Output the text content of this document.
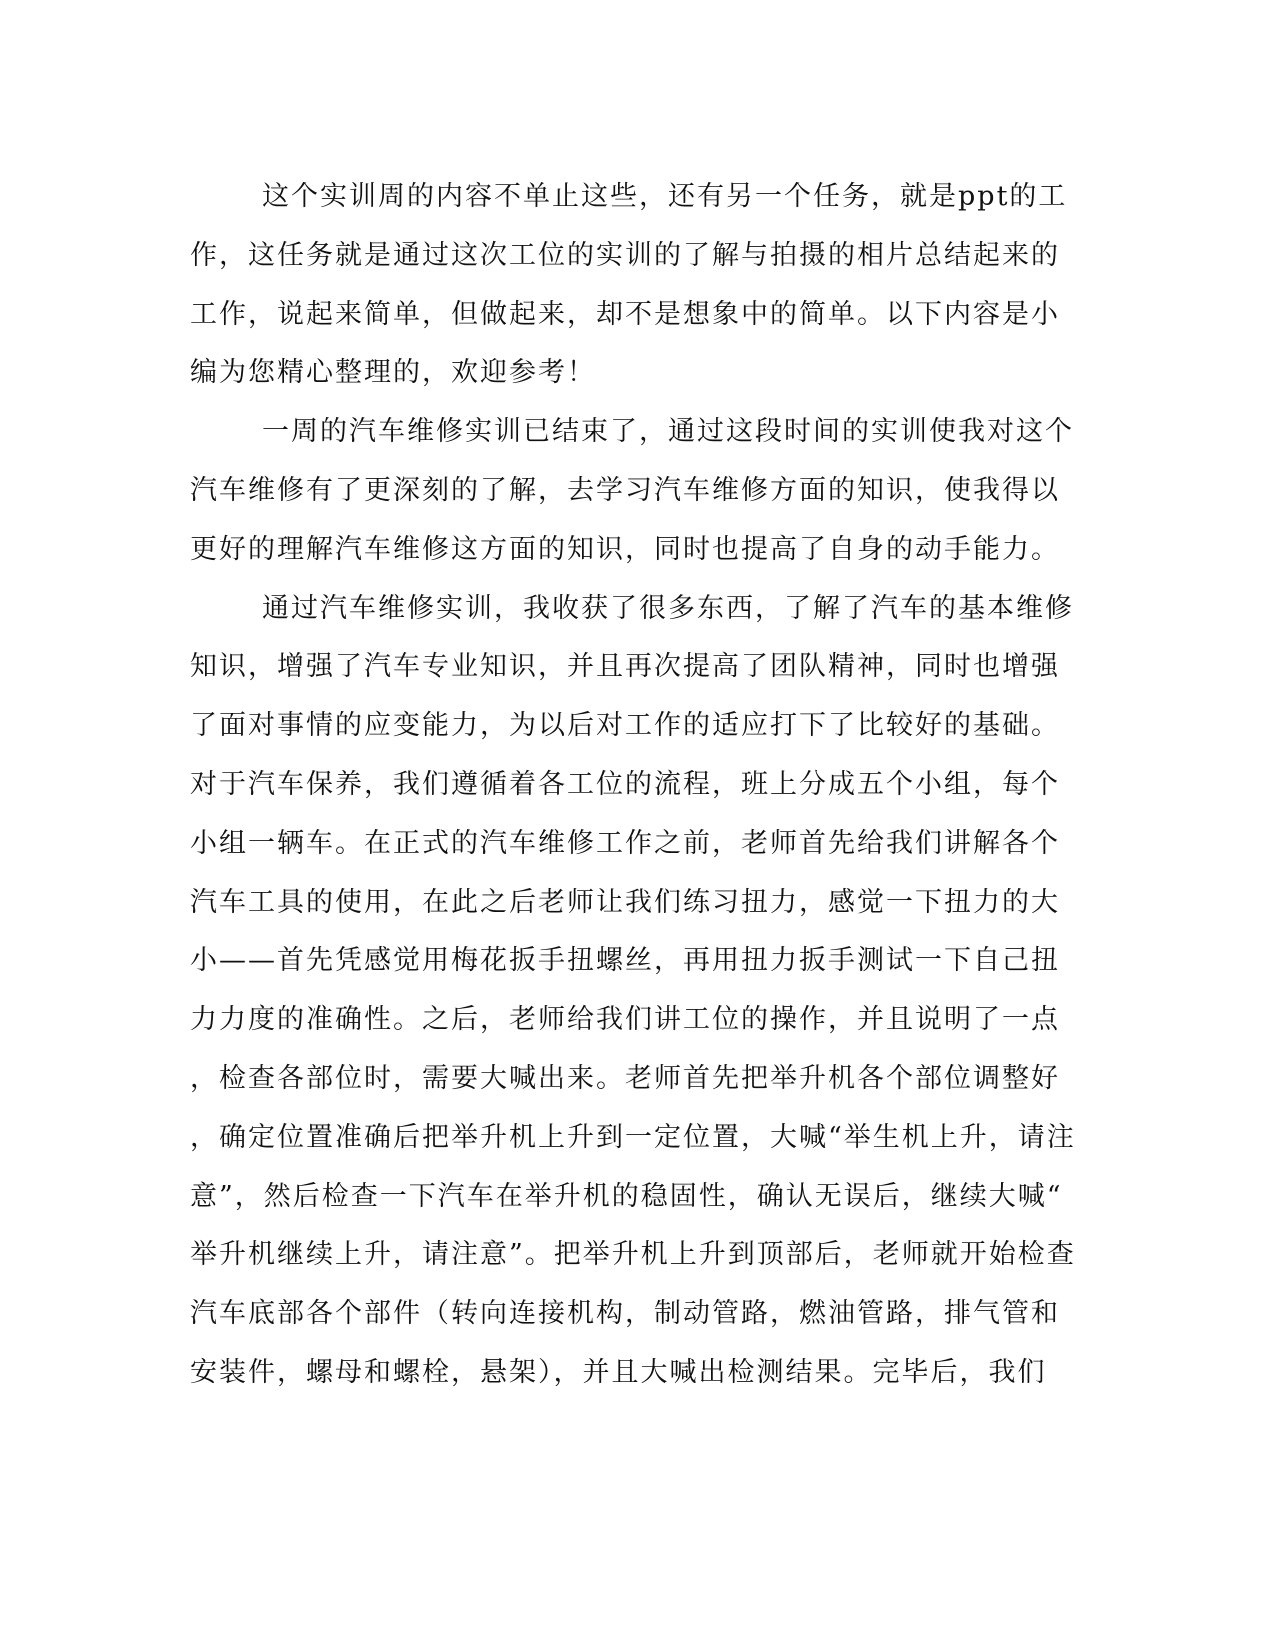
这个实训周的内容不单止这些，还有另一个任务，就是ppt的工
作，这任务就是通过这次工位的实训的了解与拍摄的相片总结起来的
工作，说起来简单，但做起来，却不是想象中的简单。以下内容是小
编为您精心整理的，欢迎参考！
一周的汽车维修实训已结束了，通过这段时间的实训使我对这个
汽车维修有了更深刻的了解，去学习汽车维修方面的知识，使我得以
更好的理解汽车维修这方面的知识，同时也提高了自身的动手能力。
通过汽车维修实训，我收获了很多东西，了解了汽车的基本维修
知识，增强了汽车专业知识，并且再次提高了团队精神，同时也增强
了面对事情的应变能力，为以后对工作的适应打下了比较好的基础。
对于汽车保养，我们遵循着各工位的流程，班上分成五个小组，每个
小组一辆车。在正式的汽车维修工作之前，老师首先给我们讲解各个
汽车工具的使用，在此之后老师让我们练习扭力，感觉一下扭力的大
小——首先凭感觉用梅花扳手扭螺丝，再用扭力扳手测试一下自己扭
力力度的准确性。之后，老师给我们讲工位的操作，并且说明了一点
，检查各部位时，需要大喊出来。老师首先把举升机各个部位调整好
，确定位置准确后把举升机上升到一定位置，大喊“举生机上升，请注
意”，然后检查一下汽车在举升机的稳固性，确认无误后，继续大喊“
举升机继续上升，请注意”。把举升机上升到顶部后，老师就开始检查
汽车底部各个部件（转向连接机构，制动管路，燃油管路，排气管和
安装件，螺母和螺栓，悬架），并且大喊出检测结果。完毕后，我们
